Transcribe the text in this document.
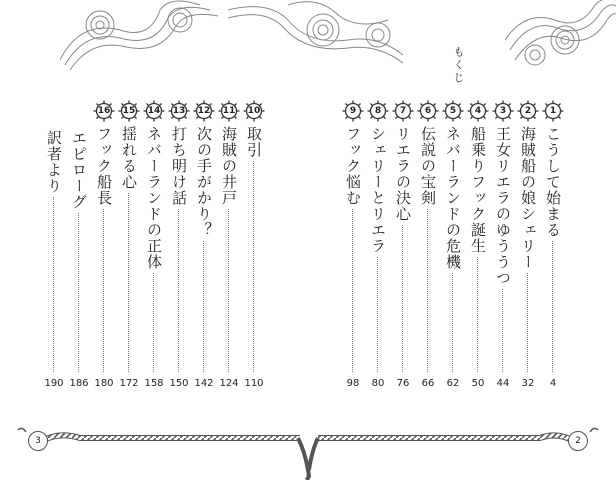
もくじ
1
こうして始まる
4
2
海賊船の娘シェリー
32
3
王女リエラのゆううつ
44
4
船乗りフック誕生
50
5
ネバーランドの危機
62
6
伝説の宝剣
66
7
リエラの決心
76
8
シェリーとリエラ
80
9
フック悩む
98
10
取引
110
11
海賊の井戸
124
12
次の手がかり？
142
13
打ち明け話
150
14
ネバーランドの正体
158
15
揺れる心
172
16
フック船長
180
エピローグ
186
訳者より
190
3	2
